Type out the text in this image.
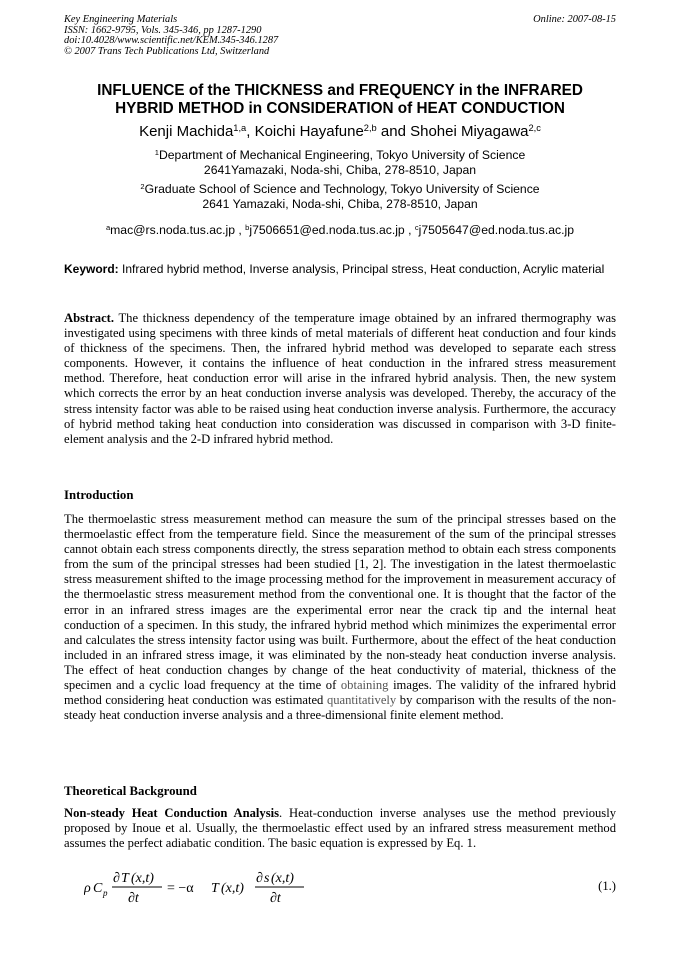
Key Engineering Materials
ISSN: 1662-9795, Vols. 345-346, pp 1287-1290
doi:10.4028/www.scientific.net/KEM.345-346.1287
© 2007 Trans Tech Publications Ltd, Switzerland
Online: 2007-08-15
INFLUENCE of the THICKNESS and FREQUENCY in the INFRARED
HYBRID METHOD in CONSIDERATION of HEAT CONDUCTION
Kenji Machida$^{1,a}$, Koichi Hayafune$^{2,b}$ and Shohei Miyagawa$^{2,c}$
$^1$Department of Mechanical Engineering, Tokyo University of Science
2641Yamazaki, Noda-shi, Chiba, 278-8510, Japan
$^2$Graduate School of Science and Technology, Tokyo University of Science
2641 Yamazaki, Noda-shi, Chiba, 278-8510, Japan
$^a$mac@rs.noda.tus.ac.jp , $^b$j7506651@ed.noda.tus.ac.jp , $^c$j7505647@ed.noda.tus.ac.jp
Keyword: Infrared hybrid method, Inverse analysis, Principal stress, Heat conduction, Acrylic material
Abstract. The thickness dependency of the temperature image obtained by an infrared thermography was investigated using specimens with three kinds of metal materials of different heat conduction and four kinds of thickness of the specimens. Then, the infrared hybrid method was developed to separate each stress components. However, it contains the influence of heat conduction in the infrared stress measurement method. Therefore, heat conduction error will arise in the infrared hybrid analysis. Then, the new system which corrects the error by an heat conduction inverse analysis was developed. Thereby, the accuracy of the stress intensity factor was able to be raised using heat conduction inverse analysis. Furthermore, the accuracy of hybrid method taking heat conduction into consideration was discussed in comparison with 3-D finite-element analysis and the 2-D infrared hybrid method.
Introduction
The thermoelastic stress measurement method can measure the sum of the principal stresses based on the thermoelastic effect from the temperature field. Since the measurement of the sum of the principal stresses cannot obtain each stress components directly, the stress separation method to obtain each stress components from the sum of the principal stresses had been studied [1, 2]. The investigation in the latest thermoelastic stress measurement shifted to the image processing method for the improvement in measurement accuracy of the thermoelastic stress measurement method from the conventional one. It is thought that the factor of the error in an infrared stress images are the experimental error near the crack tip and the internal heat conduction of a specimen. In this study, the infrared hybrid method which minimizes the experimental error and calculates the stress intensity factor using was built. Furthermore, about the effect of the heat conduction included in an infrared stress image, it was eliminated by the non-steady heat conduction inverse analysis. The effect of heat conduction changes by change of the heat conductivity of material, thickness of the specimen and a cyclic load frequency at the time of obtaining images. The validity of the infrared hybrid method considering heat conduction was estimated quantitatively by comparison with the results of the non-steady heat conduction inverse analysis and a three-dimensional finite element method.
Theoretical Background
Non-steady Heat Conduction Analysis. Heat-conduction inverse analyses use the method previously proposed by Inoue et al. Usually, the thermoelastic effect used by an infrared stress measurement method assumes the perfect adiabatic condition. The basic equation is expressed by Eq. 1.
ρ C p
∂ T (x,t)
∂t
= −α T (x,t)
∂ s (x,t)
∂t
(1.)
